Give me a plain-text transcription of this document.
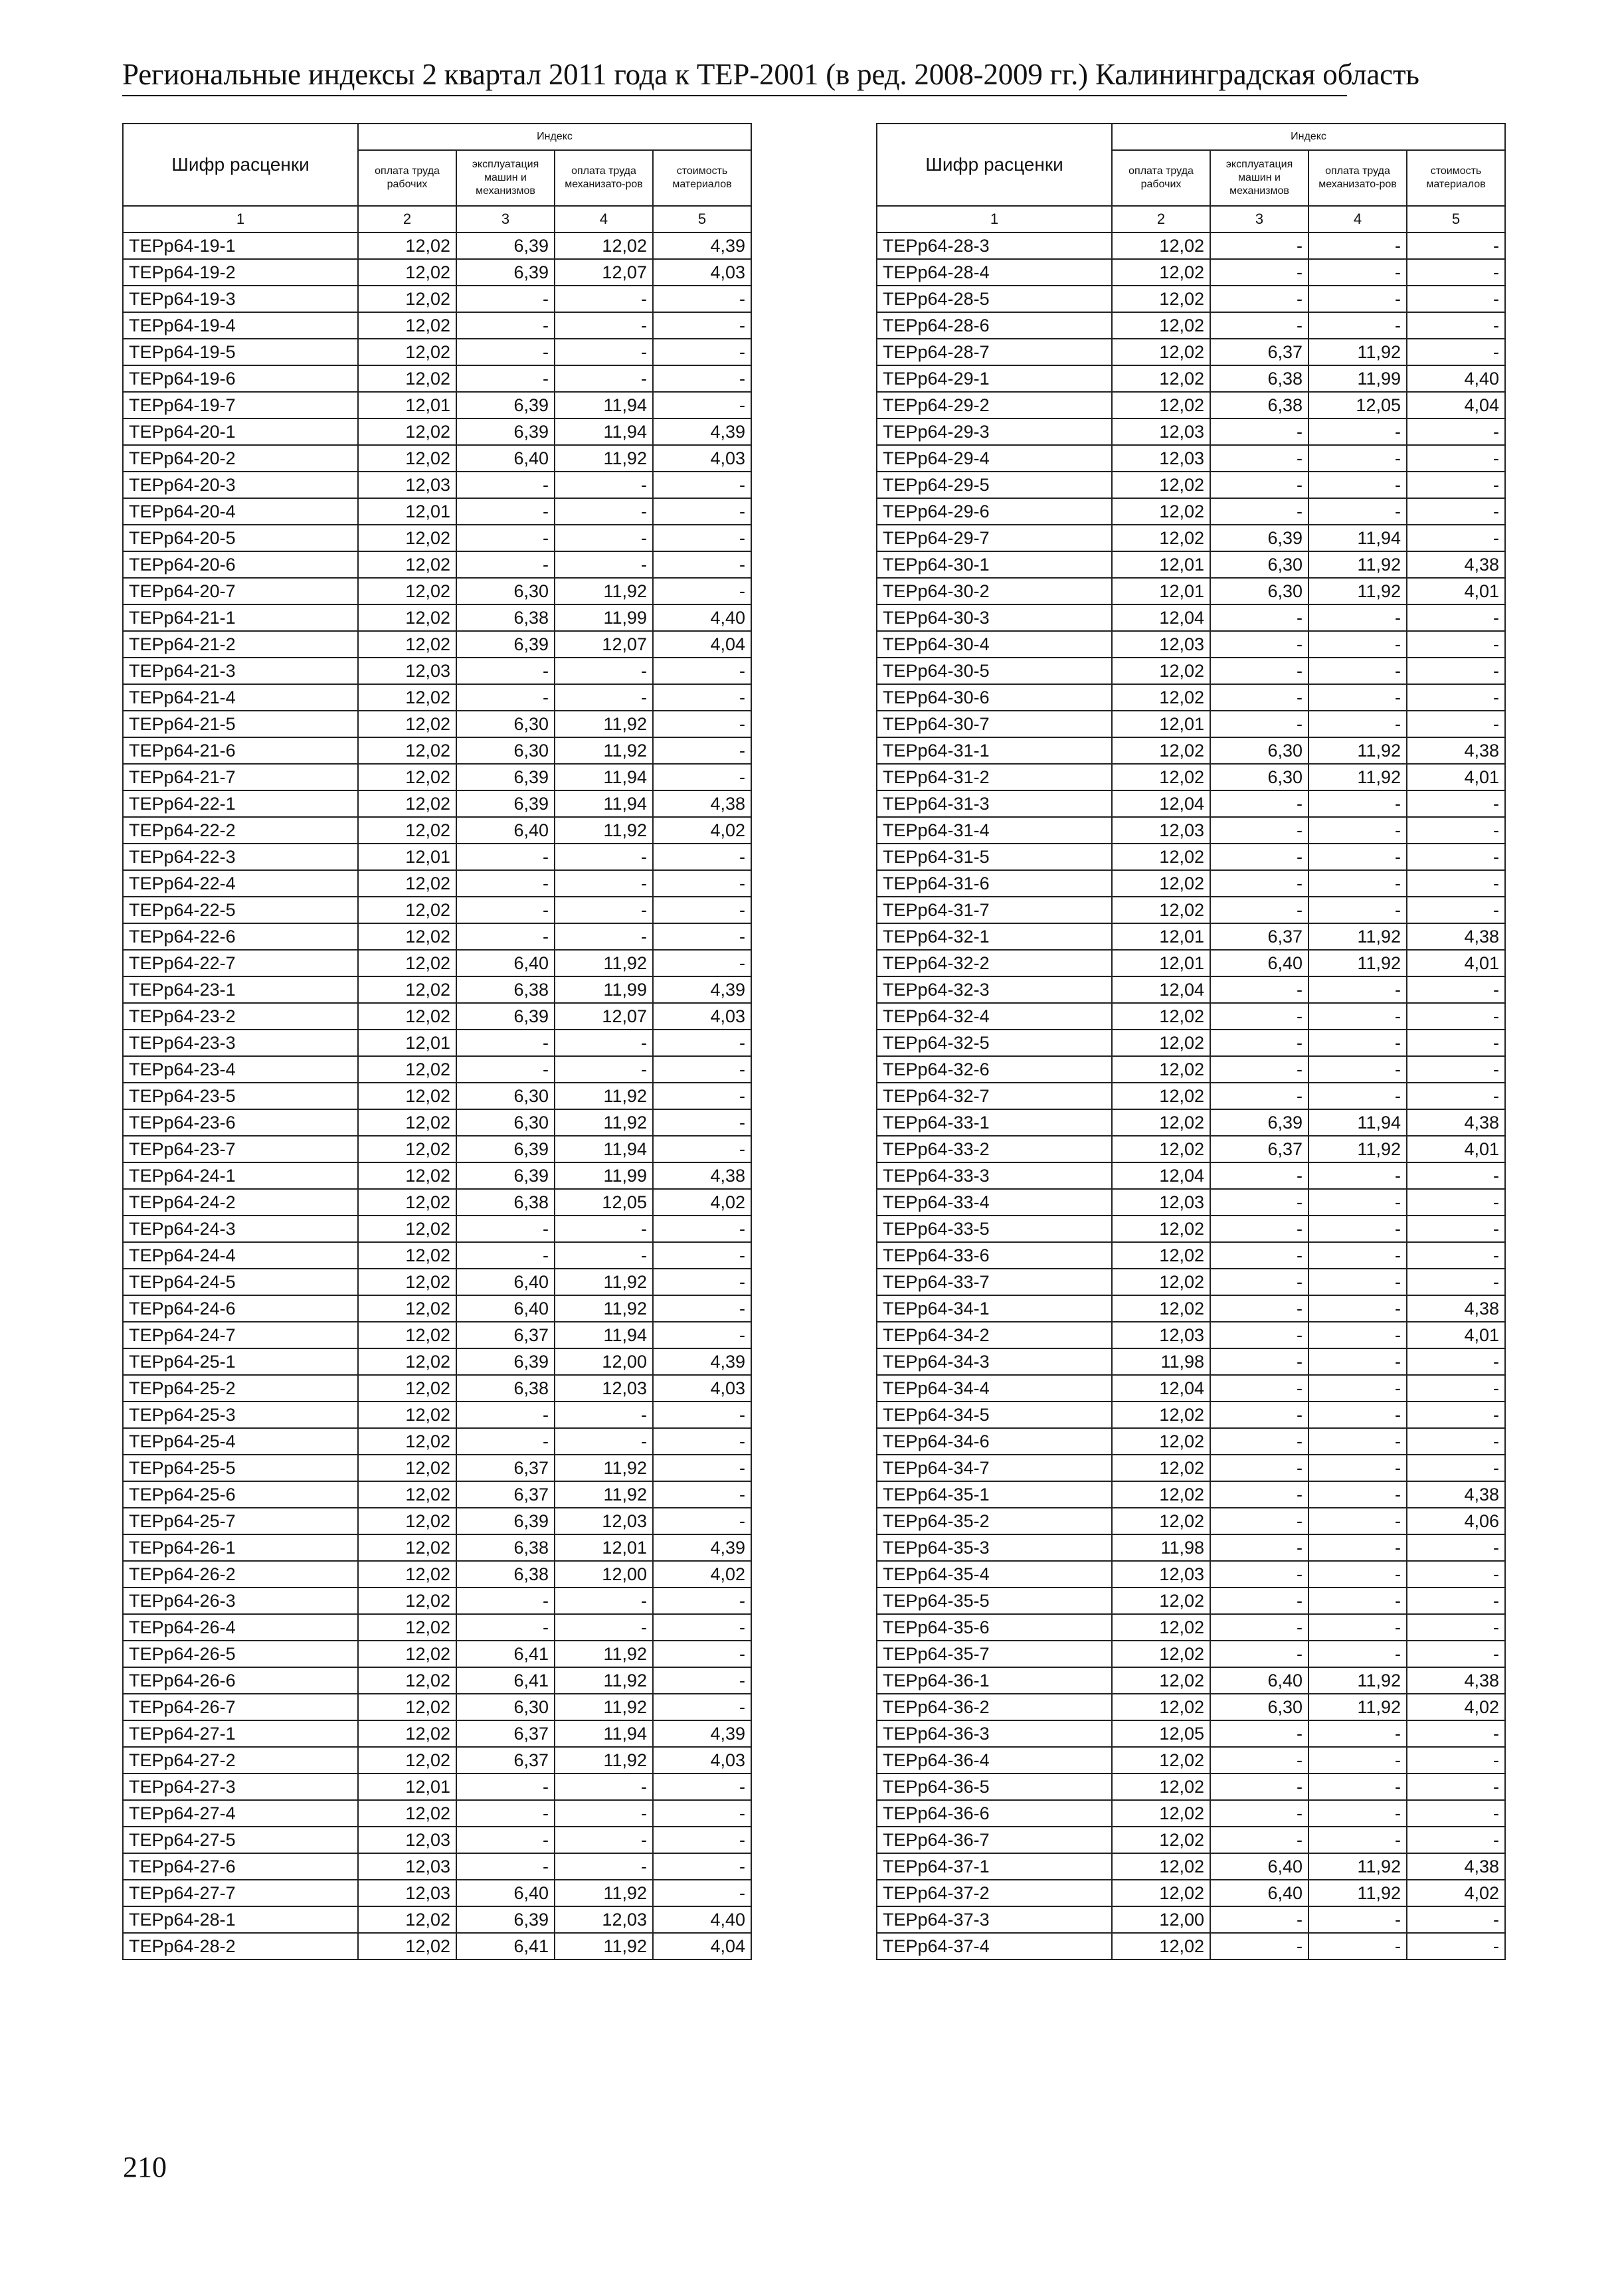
Региональные индексы 2 квартал 2011 года к ТЕР-2001 (в ред. 2008-2009 гг.) Калининградская область
Шифр расценки	Индекс			
	оплата труда рабочих	эксплуатация машин и механизмов	оплата труда механизато-ров	стоимость материалов
1	2	3	4	5
ТЕРр64-19-1	12,02	6,39	12,02	4,39
ТЕРр64-19-2	12,02	6,39	12,07	4,03
ТЕРр64-19-3	12,02	-	-	-
ТЕРр64-19-4	12,02	-	-	-
ТЕРр64-19-5	12,02	-	-	-
ТЕРр64-19-6	12,02	-	-	-
ТЕРр64-19-7	12,01	6,39	11,94	-
ТЕРр64-20-1	12,02	6,39	11,94	4,39
ТЕРр64-20-2	12,02	6,40	11,92	4,03
ТЕРр64-20-3	12,03	-	-	-
ТЕРр64-20-4	12,01	-	-	-
ТЕРр64-20-5	12,02	-	-	-
ТЕРр64-20-6	12,02	-	-	-
ТЕРр64-20-7	12,02	6,30	11,92	-
ТЕРр64-21-1	12,02	6,38	11,99	4,40
ТЕРр64-21-2	12,02	6,39	12,07	4,04
ТЕРр64-21-3	12,03	-	-	-
ТЕРр64-21-4	12,02	-	-	-
ТЕРр64-21-5	12,02	6,30	11,92	-
ТЕРр64-21-6	12,02	6,30	11,92	-
ТЕРр64-21-7	12,02	6,39	11,94	-
ТЕРр64-22-1	12,02	6,39	11,94	4,38
ТЕРр64-22-2	12,02	6,40	11,92	4,02
ТЕРр64-22-3	12,01	-	-	-
ТЕРр64-22-4	12,02	-	-	-
ТЕРр64-22-5	12,02	-	-	-
ТЕРр64-22-6	12,02	-	-	-
ТЕРр64-22-7	12,02	6,40	11,92	-
ТЕРр64-23-1	12,02	6,38	11,99	4,39
ТЕРр64-23-2	12,02	6,39	12,07	4,03
ТЕРр64-23-3	12,01	-	-	-
ТЕРр64-23-4	12,02	-	-	-
ТЕРр64-23-5	12,02	6,30	11,92	-
ТЕРр64-23-6	12,02	6,30	11,92	-
ТЕРр64-23-7	12,02	6,39	11,94	-
ТЕРр64-24-1	12,02	6,39	11,99	4,38
ТЕРр64-24-2	12,02	6,38	12,05	4,02
ТЕРр64-24-3	12,02	-	-	-
ТЕРр64-24-4	12,02	-	-	-
ТЕРр64-24-5	12,02	6,40	11,92	-
ТЕРр64-24-6	12,02	6,40	11,92	-
ТЕРр64-24-7	12,02	6,37	11,94	-
ТЕРр64-25-1	12,02	6,39	12,00	4,39
ТЕРр64-25-2	12,02	6,38	12,03	4,03
ТЕРр64-25-3	12,02	-	-	-
ТЕРр64-25-4	12,02	-	-	-
ТЕРр64-25-5	12,02	6,37	11,92	-
ТЕРр64-25-6	12,02	6,37	11,92	-
ТЕРр64-25-7	12,02	6,39	12,03	-
ТЕРр64-26-1	12,02	6,38	12,01	4,39
ТЕРр64-26-2	12,02	6,38	12,00	4,02
ТЕРр64-26-3	12,02	-	-	-
ТЕРр64-26-4	12,02	-	-	-
ТЕРр64-26-5	12,02	6,41	11,92	-
ТЕРр64-26-6	12,02	6,41	11,92	-
ТЕРр64-26-7	12,02	6,30	11,92	-
ТЕРр64-27-1	12,02	6,37	11,94	4,39
ТЕРр64-27-2	12,02	6,37	11,92	4,03
ТЕРр64-27-3	12,01	-	-	-
ТЕРр64-27-4	12,02	-	-	-
ТЕРр64-27-5	12,03	-	-	-
ТЕРр64-27-6	12,03	-	-	-
ТЕРр64-27-7	12,03	6,40	11,92	-
ТЕРр64-28-1	12,02	6,39	12,03	4,40
ТЕРр64-28-2	12,02	6,41	11,92	4,04
Шифр расценки	Индекс			
	оплата труда рабочих	эксплуатация машин и механизмов	оплата труда механизато-ров	стоимость материалов
1	2	3	4	5
ТЕРр64-28-3	12,02	-	-	-
ТЕРр64-28-4	12,02	-	-	-
ТЕРр64-28-5	12,02	-	-	-
ТЕРр64-28-6	12,02	-	-	-
ТЕРр64-28-7	12,02	6,37	11,92	-
ТЕРр64-29-1	12,02	6,38	11,99	4,40
ТЕРр64-29-2	12,02	6,38	12,05	4,04
ТЕРр64-29-3	12,03	-	-	-
ТЕРр64-29-4	12,03	-	-	-
ТЕРр64-29-5	12,02	-	-	-
ТЕРр64-29-6	12,02	-	-	-
ТЕРр64-29-7	12,02	6,39	11,94	-
ТЕРр64-30-1	12,01	6,30	11,92	4,38
ТЕРр64-30-2	12,01	6,30	11,92	4,01
ТЕРр64-30-3	12,04	-	-	-
ТЕРр64-30-4	12,03	-	-	-
ТЕРр64-30-5	12,02	-	-	-
ТЕРр64-30-6	12,02	-	-	-
ТЕРр64-30-7	12,01	-	-	-
ТЕРр64-31-1	12,02	6,30	11,92	4,38
ТЕРр64-31-2	12,02	6,30	11,92	4,01
ТЕРр64-31-3	12,04	-	-	-
ТЕРр64-31-4	12,03	-	-	-
ТЕРр64-31-5	12,02	-	-	-
ТЕРр64-31-6	12,02	-	-	-
ТЕРр64-31-7	12,02	-	-	-
ТЕРр64-32-1	12,01	6,37	11,92	4,38
ТЕРр64-32-2	12,01	6,40	11,92	4,01
ТЕРр64-32-3	12,04	-	-	-
ТЕРр64-32-4	12,02	-	-	-
ТЕРр64-32-5	12,02	-	-	-
ТЕРр64-32-6	12,02	-	-	-
ТЕРр64-32-7	12,02	-	-	-
ТЕРр64-33-1	12,02	6,39	11,94	4,38
ТЕРр64-33-2	12,02	6,37	11,92	4,01
ТЕРр64-33-3	12,04	-	-	-
ТЕРр64-33-4	12,03	-	-	-
ТЕРр64-33-5	12,02	-	-	-
ТЕРр64-33-6	12,02	-	-	-
ТЕРр64-33-7	12,02	-	-	-
ТЕРр64-34-1	12,02	-	-	4,38
ТЕРр64-34-2	12,03	-	-	4,01
ТЕРр64-34-3	11,98	-	-	-
ТЕРр64-34-4	12,04	-	-	-
ТЕРр64-34-5	12,02	-	-	-
ТЕРр64-34-6	12,02	-	-	-
ТЕРр64-34-7	12,02	-	-	-
ТЕРр64-35-1	12,02	-	-	4,38
ТЕРр64-35-2	12,02	-	-	4,06
ТЕРр64-35-3	11,98	-	-	-
ТЕРр64-35-4	12,03	-	-	-
ТЕРр64-35-5	12,02	-	-	-
ТЕРр64-35-6	12,02	-	-	-
ТЕРр64-35-7	12,02	-	-	-
ТЕРр64-36-1	12,02	6,40	11,92	4,38
ТЕРр64-36-2	12,02	6,30	11,92	4,02
ТЕРр64-36-3	12,05	-	-	-
ТЕРр64-36-4	12,02	-	-	-
ТЕРр64-36-5	12,02	-	-	-
ТЕРр64-36-6	12,02	-	-	-
ТЕРр64-36-7	12,02	-	-	-
ТЕРр64-37-1	12,02	6,40	11,92	4,38
ТЕРр64-37-2	12,02	6,40	11,92	4,02
ТЕРр64-37-3	12,00	-	-	-
ТЕРр64-37-4	12,02	-	-	-
210
